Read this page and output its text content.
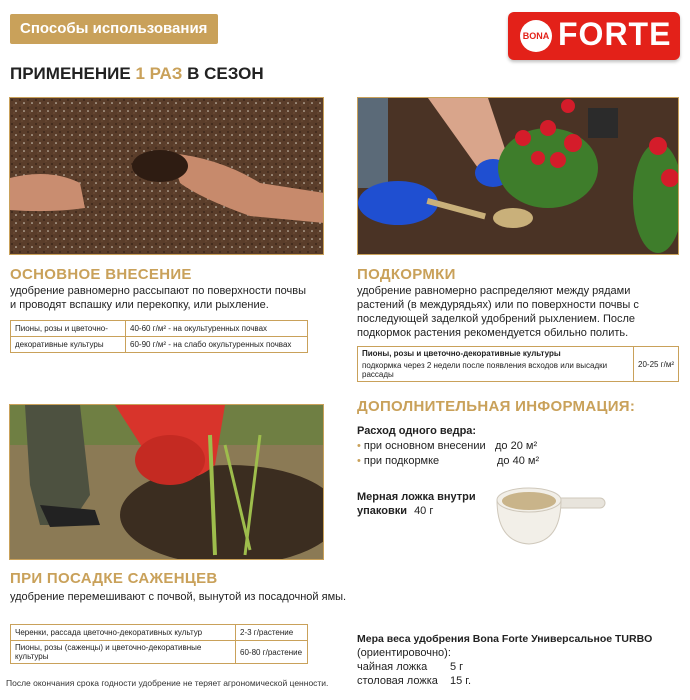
Способы использования	BONA FORTE
ПРИМЕНЕНИЕ 1 РАЗ В СЕЗОН
ОСНОВНОЕ ВНЕСЕНИЕ
удобрение равномерно рассыпают по поверхности почвы
и проводят вспашку или перекопку, или рыхление.
Пионы, розы и цветочно-	40-60 г/м² - на окультуренных почвах
декоративные культуры	60-90 г/м² - на слабо окультуренных почвах
ПОДКОРМКИ
удобрение равномерно распределяют между рядами
растений (в междурядьях) или по поверхности почвы с
последующей заделкой удобрений рыхлением. После
подкормок растения рекомендуется обильно полить.
Пионы, розы и цветочно-декоративные культуры
подкормка через 2 недели после появления всходов или высадки рассады
	20-25 г/м²
ПРИ ПОСАДКЕ САЖЕНЦЕВ
удобрение перемешивают с почвой, вынутой из посадочной ямы.
Черенки, рассада цветочно-декоративных культур	2-3 г/растение
Пионы, розы (саженцы) и цветочно-декоративные культуры	60-80 г/растение
ДОПОЛНИТЕЛЬНАЯ ИНФОРМАЦИЯ:
Расход одного ведра:
• при основном внесении до 20 м²
• при подкормке	до 40 м²
Мерная ложка внутри
упаковки 40 г
Мера веса удобрения Bona Forte Универсальное TURBO
(ориентировочно):
чайная ложка 5 г
столовая ложка 15 г.
После окончания срока годности удобрение не теряет агрономической ценности.
